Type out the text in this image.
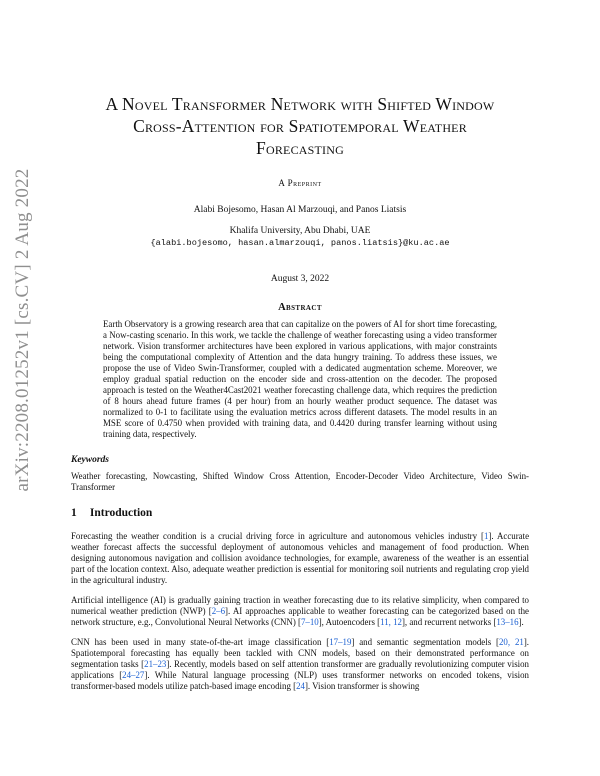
arXiv:2208.01252v1 [cs.CV] 2 Aug 2022
A Novel Transformer Network with Shifted Window
Cross-Attention for Spatiotemporal Weather
Forecasting
A Preprint
Alabi Bojesomo, Hasan Al Marzouqi, and Panos Liatsis
Khalifa University, Abu Dhabi, UAE
{alabi.bojesomo, hasan.almarzouqi, panos.liatsis}@ku.ac.ae
August 3, 2022
Abstract
Earth Observatory is a growing research area that can capitalize on the powers of AI for short time forecasting, a Now-casting scenario. In this work, we tackle the challenge of weather forecasting using a video transformer network. Vision transformer architectures have been explored in various applications, with major constraints being the computational complexity of Attention and the data hungry training. To address these issues, we propose the use of Video Swin-Transformer, coupled with a dedicated augmentation scheme. Moreover, we employ gradual spatial reduction on the encoder side and cross-attention on the decoder. The proposed approach is tested on the Weather4Cast2021 weather forecasting challenge data, which requires the prediction of 8 hours ahead future frames (4 per hour) from an hourly weather product sequence. The dataset was normalized to 0-1 to facilitate using the evaluation metrics across different datasets. The model results in an MSE score of 0.4750 when provided with training data, and 0.4420 during transfer learning without using training data, respectively.
Keywords
Weather forecasting, Nowcasting, Shifted Window Cross Attention, Encoder-Decoder Video Architecture, Video Swin-Transformer
1 Introduction
Forecasting the weather condition is a crucial driving force in agriculture and autonomous vehicles industry [1]. Accurate weather forecast affects the successful deployment of autonomous vehicles and management of food production. When designing autonomous navigation and collision avoidance technologies, for example, awareness of the weather is an essential part of the location context. Also, adequate weather prediction is essential for monitoring soil nutrients and regulating crop yield in the agricultural industry.
Artificial intelligence (AI) is gradually gaining traction in weather forecasting due to its relative simplicity, when compared to numerical weather prediction (NWP) [2–6]. AI approaches applicable to weather forecasting can be categorized based on the network structure, e.g., Convolutional Neural Networks (CNN) [7–10], Autoencoders [11, 12], and recurrent networks [13–16].
CNN has been used in many state-of-the-art image classification [17–19] and semantic segmentation models [20, 21]. Spatiotemporal forecasting has equally been tackled with CNN models, based on their demonstrated performance on segmentation tasks [21–23]. Recently, models based on self attention transformer are gradually revolutionizing computer vision applications [24–27]. While Natural language processing (NLP) uses transformer networks on encoded tokens, vision transformer-based models utilize patch-based image encoding [24]. Vision transformer is showing
